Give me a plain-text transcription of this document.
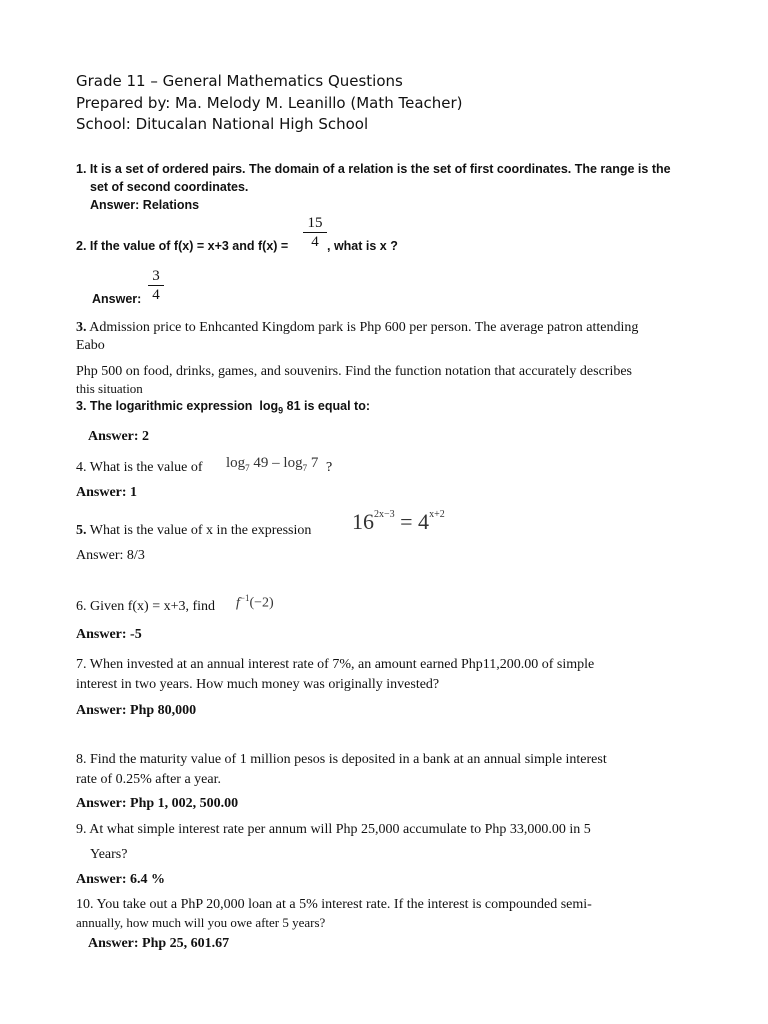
Grade 11 – General Mathematics Questions
Prepared by: Ma. Melody M. Leanillo (Math Teacher)
School: Ditucalan National High School
1. It is a set of ordered pairs. The domain of a relation is the set of first coordinates. The range is the
set of second coordinates.
Answer: Relations
2. If the value of f(x) = x+3 and f(x) =
15
4 , what is x ?
Answer:
3
4
3. Admission price to Enhcanted Kingdom park is Php 600 per person. The average patron attending
Eabo
Php 500 on food, drinks, games, and souvenirs. Find the function notation that accurately describes
this situation
3. The logarithmic expression $\log_9 81$ is equal to:
Answer: 2
4. What is the value of $\log_7 49 - \log_7 7$ ?
Answer: 1
5. What is the value of x in the expression $16^{2x-3} = 4^{x+2}$
Answer: 8/3
6. Given f(x) = x+3, find $f^{-1}(-2)$
Answer: -5
7. When invested at an annual interest rate of 7%, an amount earned Php11,200.00 of simple
interest in two years. How much money was originally invested?
Answer: Php 80,000
8. Find the maturity value of 1 million pesos is deposited in a bank at an annual simple interest
rate of 0.25% after a year.
Answer: Php 1, 002, 500.00
9. At what simple interest rate per annum will Php 25,000 accumulate to Php 33,000.00 in 5
Years?
Answer: 6.4 %
10. You take out a PhP 20,000 loan at a 5% interest rate. If the interest is compounded semi-
annually, how much will you owe after 5 years?
Answer: Php 25, 601.67
